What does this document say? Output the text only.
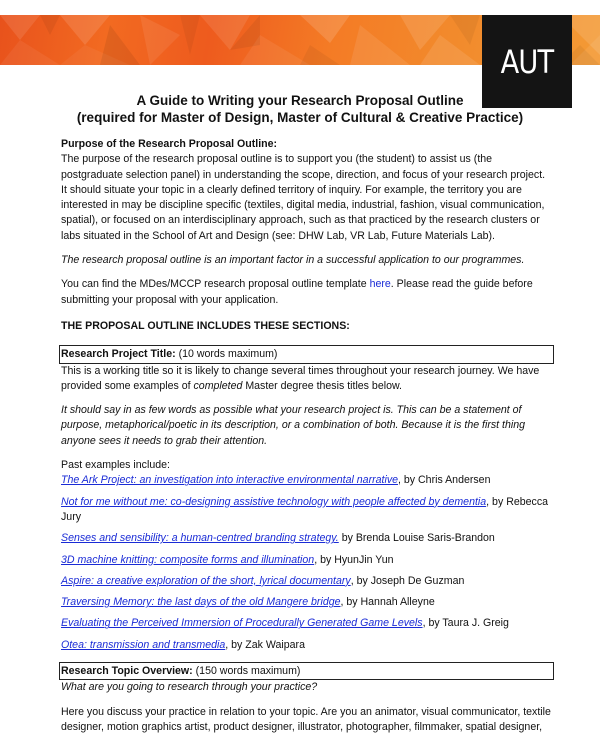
AUT
A Guide to Writing your Research Proposal Outline
(required for Master of Design, Master of Cultural & Creative Practice)

Purpose of the Research Proposal Outline:

The purpose of the research proposal outline is to support you (the student) to assist us (the postgraduate selection panel) in understanding the scope, direction, and focus of your research project. It should situate your topic in a clearly defined territory of inquiry. For example, the territory you are interested in may be discipline specific (textiles, digital media, industrial, fashion, visual communication, spatial), or focused on an interdisciplinary approach, such as that practiced by the research clusters or labs situated in the School of Art and Design (see: DHW Lab, VR Lab, Future Materials Lab).

The research proposal outline is an important factor in a successful application to our programmes.

You can find the MDes/MCCP research proposal outline template here. Please read the guide before submitting your proposal with your application.

THE PROPOSAL OUTLINE INCLUDES THESE SECTIONS:

Research Project Title: (10 words maximum)

This is a working title so it is likely to change several times throughout your research journey. We have provided some examples of completed Master degree thesis titles below.

It should say in as few words as possible what your research project is. This can be a statement of purpose, metaphorical/poetic in its description, or a combination of both. Because it is the first thing anyone sees it needs to grab their attention.

Past examples include:

The Ark Project: an investigation into interactive environmental narrative, by Chris Andersen

Not for me without me: co-designing assistive technology with people affected by dementia, by Rebecca Jury

Senses and sensibility: a human-centred branding strategy. by Brenda Louise Saris-Brandon

3D machine knitting: composite forms and illumination, by HyunJin Yun

Aspire: a creative exploration of the short, lyrical documentary, by Joseph De Guzman

Traversing Memory: the last days of the old Mangere bridge, by Hannah Alleyne

Evaluating the Perceived Immersion of Procedurally Generated Game Levels, by Taura J. Greig

Otea: transmission and transmedia, by Zak Waipara

Research Topic Overview: (150 words maximum)

What are you going to research through your practice?

Here you discuss your practice in relation to your topic. Are you an animator, visual communicator, textile designer, motion graphics artist, product designer, illustrator, photographer, filmmaker, spatial designer,
